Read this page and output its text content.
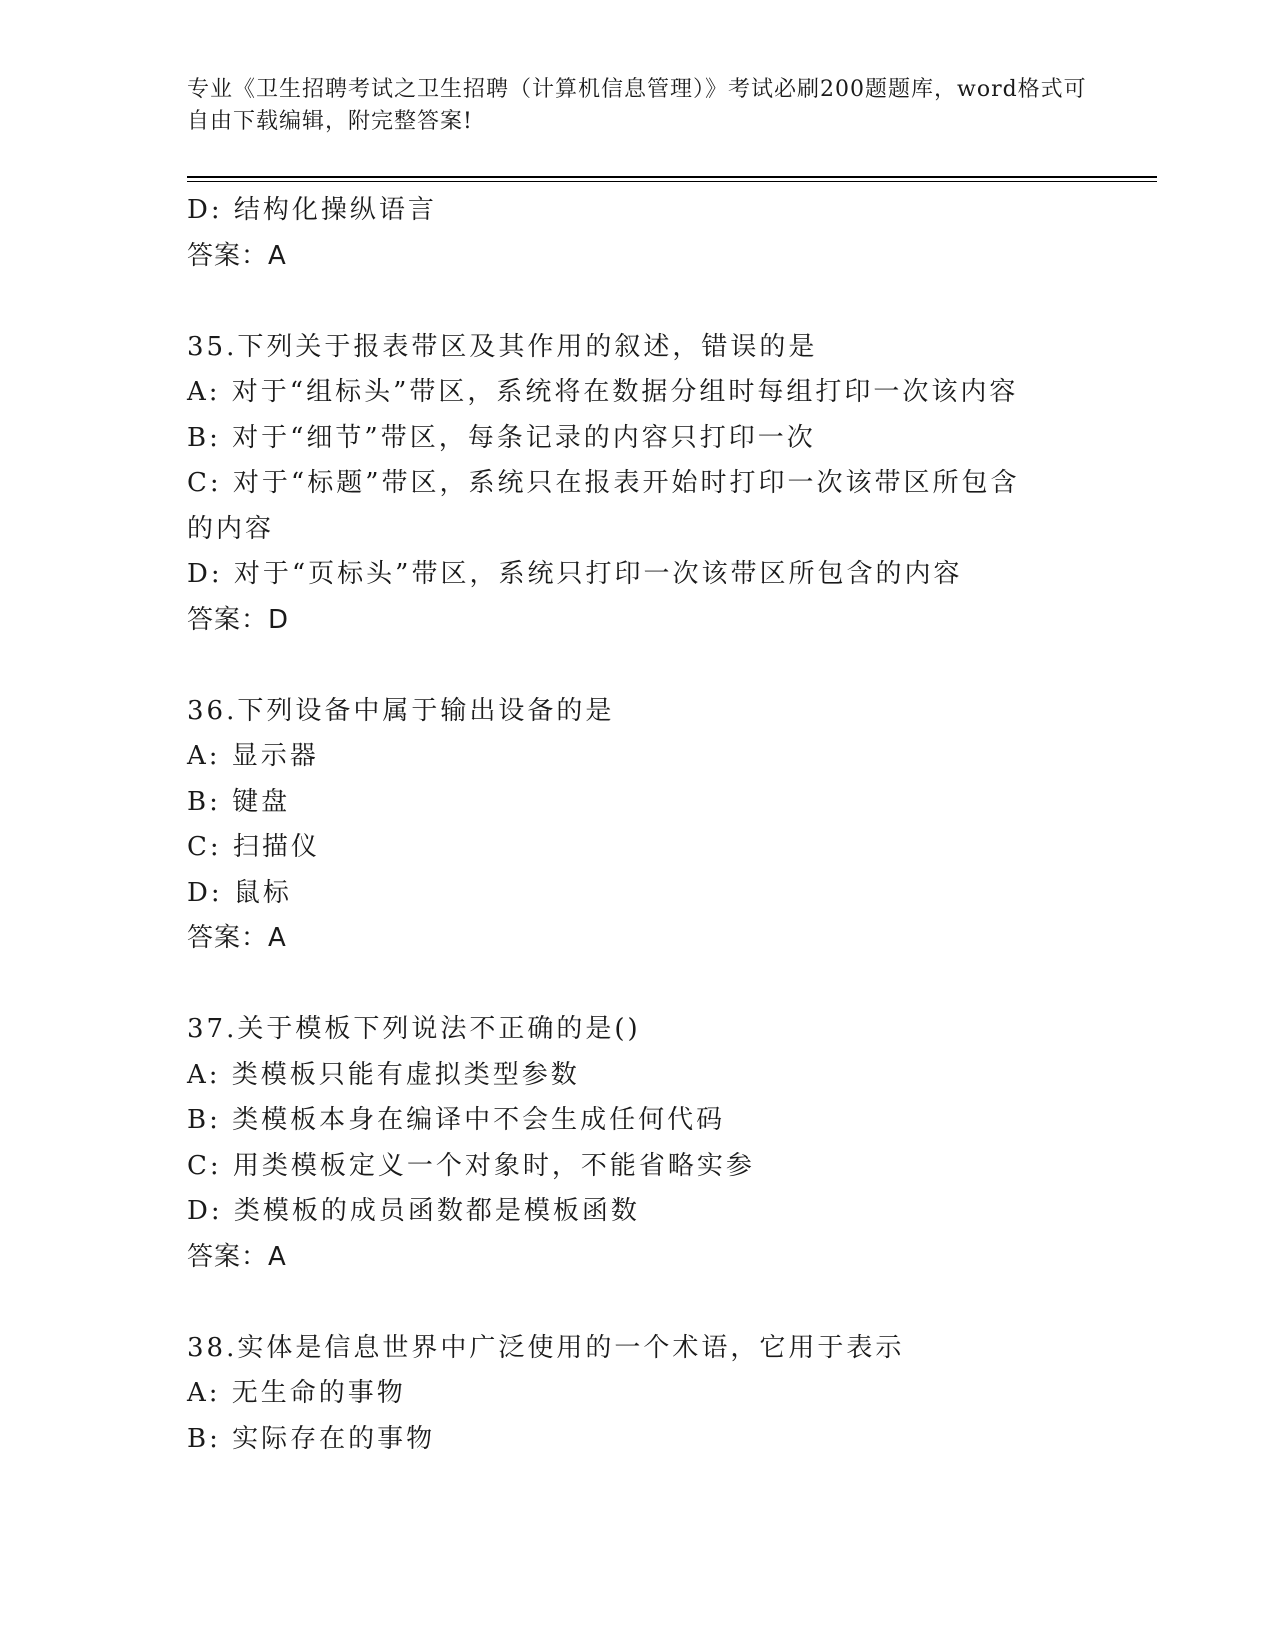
专业《卫生招聘考试之卫生招聘（计算机信息管理）》考试必刷200题题库，word格式可自由下载编辑，附完整答案!
D: 结构化操纵语言
答案：A
35.下列关于报表带区及其作用的叙述，错误的是
A: 对于“组标头”带区，系统将在数据分组时每组打印一次该内容
B: 对于“细节”带区，每条记录的内容只打印一次
C: 对于“标题”带区，系统只在报表开始时打印一次该带区所包含的内容
D: 对于“页标头”带区，系统只打印一次该带区所包含的内容
答案：D
36.下列设备中属于输出设备的是
A: 显示器
B: 键盘
C: 扫描仪
D: 鼠标
答案：A
37.关于模板下列说法不正确的是()
A: 类模板只能有虚拟类型参数
B: 类模板本身在编译中不会生成任何代码
C: 用类模板定义一个对象时，不能省略实参
D: 类模板的成员函数都是模板函数
答案：A
38.实体是信息世界中广泛使用的一个术语，它用于表示
A: 无生命的事物
B: 实际存在的事物
